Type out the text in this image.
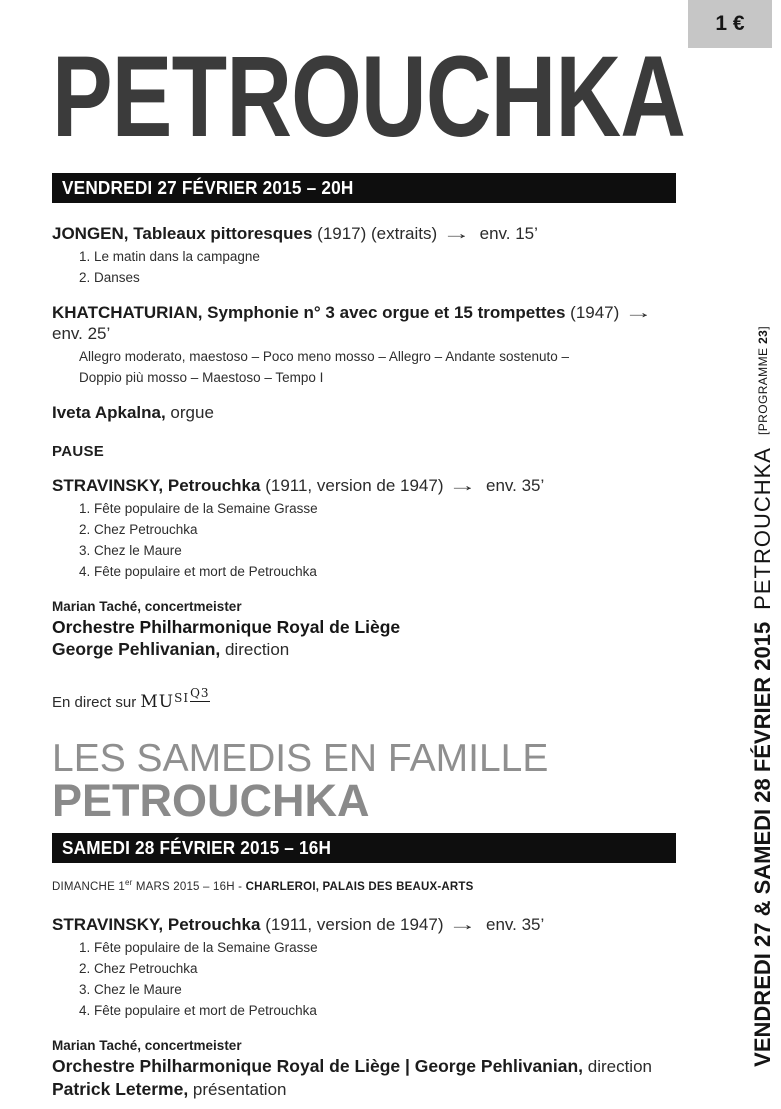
1 €
PETROUCHKA
VENDREDI 27 FÉVRIER 2015 – 20H
JONGEN, Tableaux pittoresques (1917) (extraits) → env. 15’
1. Le matin dans la campagne
2. Danses
KHATCHATURIAN, Symphonie n° 3 avec orgue et 15 trompettes (1947) → env. 25’
Allegro moderato, maestoso – Poco meno mosso – Allegro – Andante sostenuto –
Doppio più mosso – Maestoso – Tempo I
Iveta Apkalna, orgue
PAUSE
STRAVINSKY, Petrouchka (1911, version de 1947) → env. 35’
1. Fête populaire de la Semaine Grasse
2. Chez Petrouchka
3. Chez le Maure
4. Fête populaire et mort de Petrouchka
Marian Taché, concertmeister
Orchestre Philharmonique Royal de Liège
George Pehlivanian, direction
En direct sur $MU^{SIQ3}$
LES SAMEDIS EN FAMILLE
PETROUCHKA
SAMEDI 28 FÉVRIER 2015 – 16H
DIMANCHE 1er MARS 2015 – 16H - CHARLEROI, PALAIS DES BEAUX-ARTS
STRAVINSKY, Petrouchka (1911, version de 1947) → env. 35’
1. Fête populaire de la Semaine Grasse
2. Chez Petrouchka
3. Chez le Maure
4. Fête populaire et mort de Petrouchka
Marian Taché, concertmeister
Orchestre Philharmonique Royal de Liège | George Pehlivanian, direction
Patrick Leterme, présentation
VENDREDI 27 & SAMEDI 28 FÉVRIER 2015PETROUCHKA[PROGRAMME 23]
